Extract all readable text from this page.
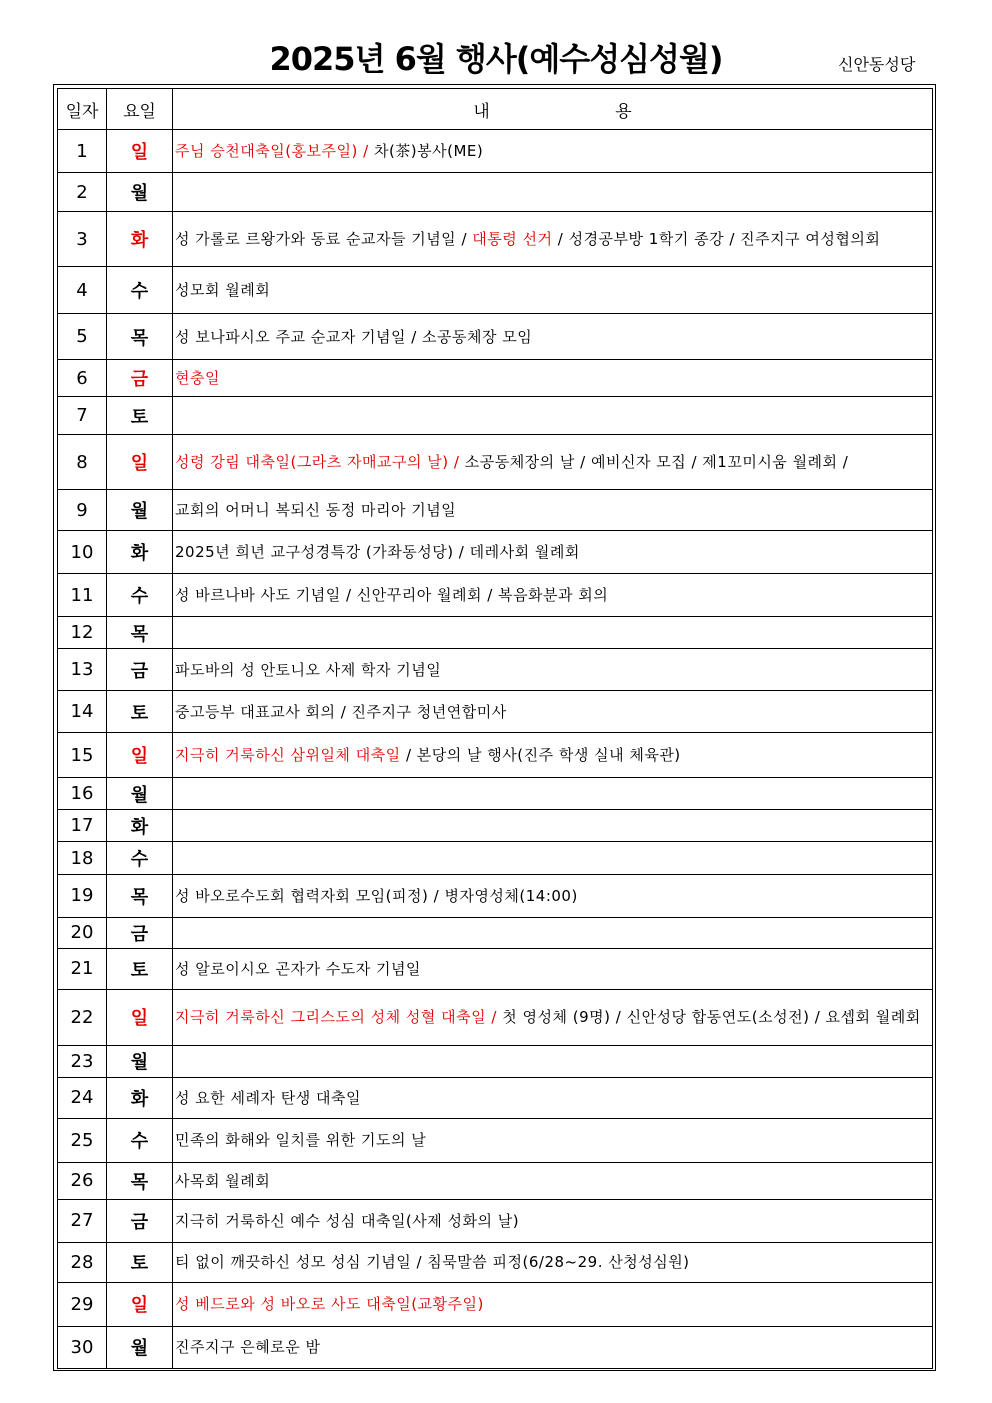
2025년 6월 행사(예수성심성월)	신안동성당
일자	요일	내 용
1	일	주님 승천대축일(홍보주일) / 차(茶)봉사(ME)
2	월	
3	화	성 가롤로 르왕가와 동료 순교자들 기념일 / 대통령 선거 / 성경공부방 1학기 종강 / 진주지구 여성협의회
4	수	성모회 월례회
5	목	성 보나파시오 주교 순교자 기념일 / 소공동체장 모임
6	금	현충일
7	토	
8	일	성령 강림 대축일(그라츠 자매교구의 날) / 소공동체장의 날 / 예비신자 모집 / 제1꼬미시움 월례회 /
9	월	교회의 어머니 복되신 동정 마리아 기념일
10	화	2025년 희년 교구성경특강 (가좌동성당) / 데레사회 월례회
11	수	성 바르나바 사도 기념일 / 신안꾸리아 월례회 / 복음화분과 회의
12	목	
13	금	파도바의 성 안토니오 사제 학자 기념일
14	토	중고등부 대표교사 회의 / 진주지구 청년연합미사
15	일	지극히 거룩하신 삼위일체 대축일 / 본당의 날 행사(진주 학생 실내 체육관)
16	월	
17	화	
18	수	
19	목	성 바오로수도회 협력자회 모임(피정) / 병자영성체(14:00)
20	금	
21	토	성 알로이시오 곤자가 수도자 기념일
22	일	지극히 거룩하신 그리스도의 성체 성혈 대축일 / 첫 영성체 (9명) / 신안성당 합동연도(소성전) / 요셉회 월례회
23	월	
24	화	성 요한 세례자 탄생 대축일
25	수	민족의 화해와 일치를 위한 기도의 날
26	목	사목회 월례회
27	금	지극히 거룩하신 예수 성심 대축일(사제 성화의 날)
28	토	티 없이 깨끗하신 성모 성심 기념일 / 침묵말씀 피정(6/28~29. 산청성심원)
29	일	성 베드로와 성 바오로 사도 대축일(교황주일)
30	월	진주지구 은혜로운 밤
